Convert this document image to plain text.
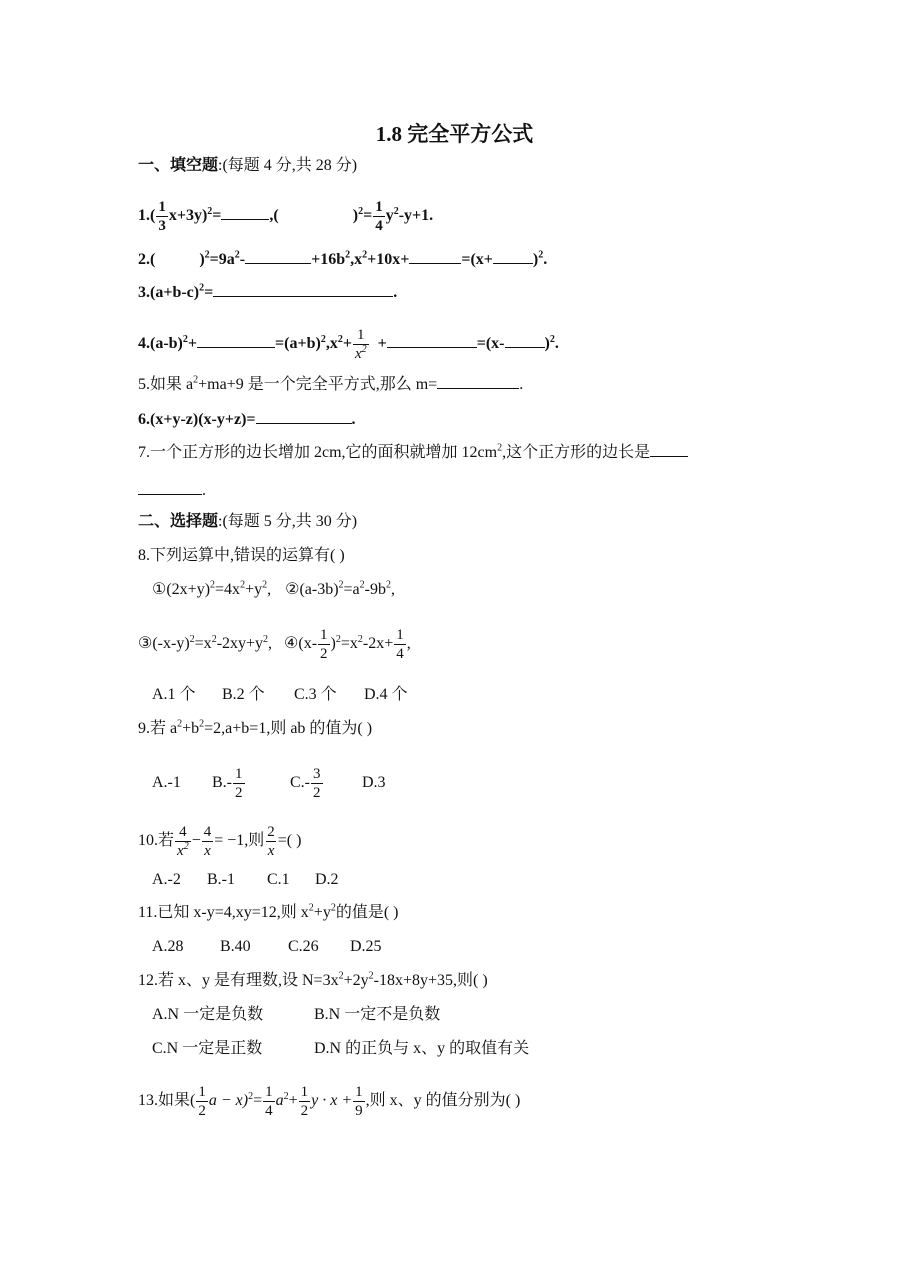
1.8 完全平方公式
一、填空题:(每题 4 分,共 28 分)
$1.( \frac{1}{3} x+3y)^2=$	,(	)$^2= \frac{1}{4} y^2-y+1$.
2.(	)$^2=9a^2-$	$+16b^2,x^2+10x+$	=(x+	)$^2$.
$3.(a+b-c)^2=$	.
$4.(a-b)^2+$	$=(a+b)^2,x^2+ \frac{1}{x^2}$ +	=(x-	)$^2$.
5.如果 $a^2+ma+9$ 是一个完全平方式,那么 m=	.
6.(x+y-z)(x-y+z)=	.
7.一个正方形的边长增加 2cm,它的面积就增加 $12cm^2$,这个正方形的边长是
.
二、选择题:(每题 5 分,共 30 分)
8.下列运算中,错误的运算有( )
$①(2x+y)^2=4x^2+y^2$, $②(a-3b)^2=a^2-9b^2$,
$③(-x-y)^2=x^2-2xy+y^2$, ④(x- $\frac{1}{2} )^2=x^2-2x+ \frac{1}{4}$ ,
A.1 个 B.2 个 C.3 个 D.4 个
9.若 $a^2+b^2=2,a+b=1$,则 ab 的值为( )
A.-1 $B.- \frac{1}{2}$	$C.- \frac{3}{2} D.3$
10.若 $\frac{4}{x^2} - \frac{4}{x} = -1$,则 $\frac{2}{x}$ =( )
A.-2 B.-1 C.1 D.2
11.已知 x-y=4,xy=12,则 $x^2+y^2$的值是( )
A.28 B.40 C.26 D.25
12.若 x、y 是有理数,设 $N=3x^2+2y^2-18x+8y+35$,则( )
A.N 一定是负数	B.N 一定不是负数
C.N 一定是正数	D.N 的正负与 x、y 的取值有关
13.如果( $\frac{1}{2}$ $a - x)^2= \frac{1}{4} a^2+ \frac{1}{2}$ $y \cdot x + \frac{1}{9}$ ,则 x、y 的值分别为( )
